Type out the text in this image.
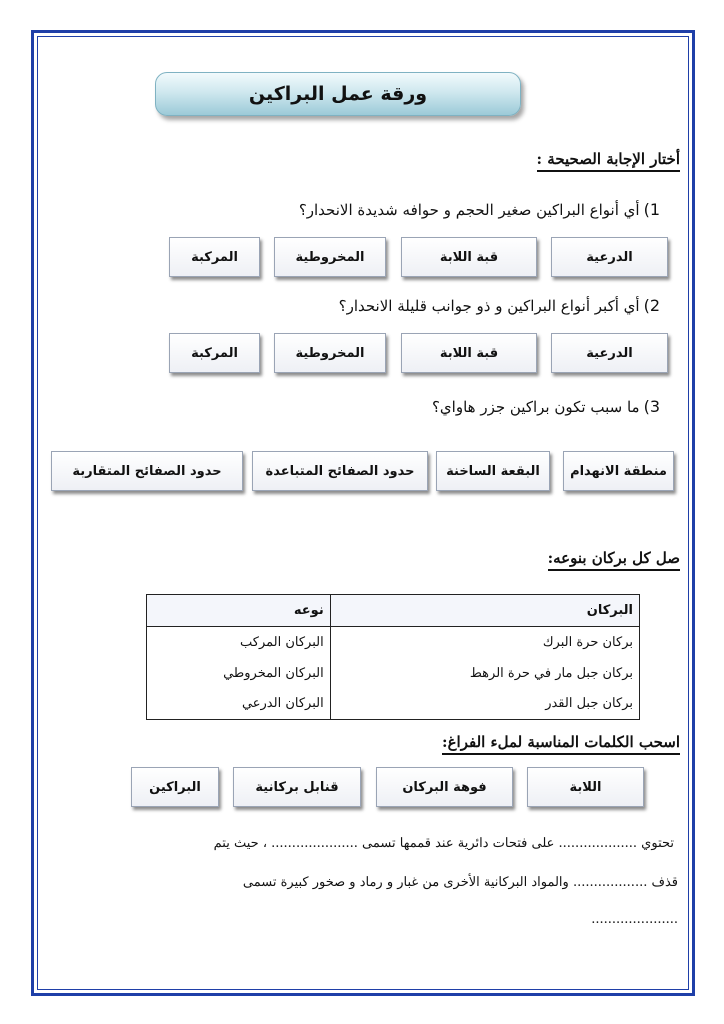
ورقة عمل البراكين
أختار الإجابة الصحيحة :
1)أي أنواع البراكين صغير الحجم و حوافه شديدة الانحدار؟
الدرعية
قبة اللابة
المخروطية
المركبة
2)أي أكبر أنواع البراكين و ذو جوانب قليلة الانحدار؟
الدرعية
قبة اللابة
المخروطية
المركبة
3)ما سبب تكون براكين جزر هاواي؟
منطقة الانهدام
البقعة الساخنة
حدود الصفائح المتباعدة
حدود الصفائح المتقاربة
صل كل بركان بنوعه:
البركان	نوعه
بركان حرة البرك	البركان المركب
بركان جبل مار في حرة الرهط	البركان المخروطي
بركان جبل القدر	البركان الدرعي
اسحب الكلمات المناسبة لملء الفراغ:
اللابة
فوهة البركان
قنابل بركانية
البراكين
تحتوي ................... على فتحات دائرية عند قممها تسمى ..................... ، حيث يتم
قذف .................. والمواد البركانية الأخرى من غبار و رماد و صخور كبيرة تسمى
.....................
